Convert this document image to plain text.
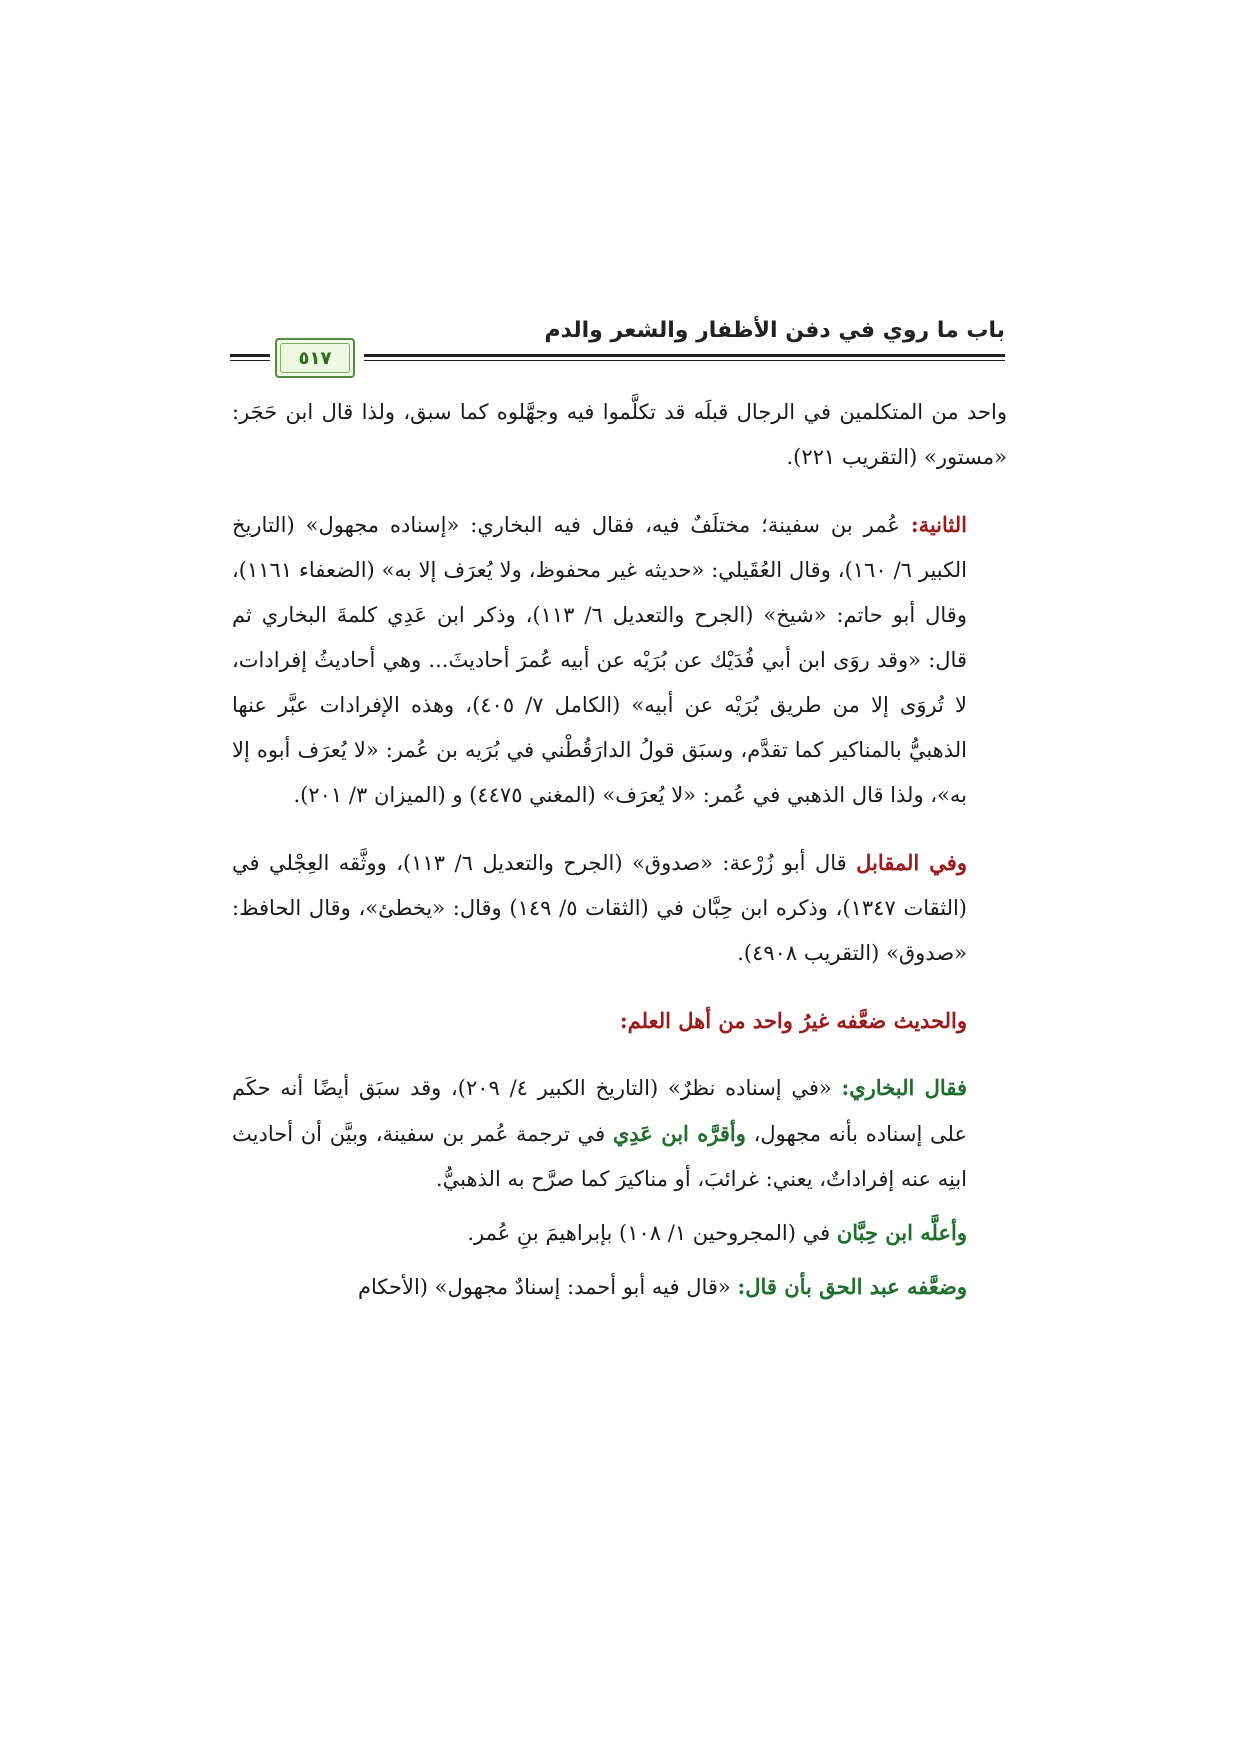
باب ما روي في دفن الأظفار والشعر والدم
٥١٧

واحد من المتكلمين في الرجال قبلَه قد تكلَّموا فيه وجهَّلوه كما سبق، ولذا قال ابن حَجَر: «مستور» (التقريب ٢٢١).

الثانية: عُمر بن سفينة؛ مختلَفٌ فيه، فقال فيه البخاري: «إسناده مجهول» (التاريخ الكبير ٦/ ١٦٠)، وقال العُقَيلي: «حديثه غير محفوظ، ولا يُعرَف إلا به» (الضعفاء ١١٦١)، وقال أبو حاتم: «شيخ» (الجرح والتعديل ٦/ ١١٣)، وذكر ابن عَدِي كلمةَ البخاري ثم قال: «وقد روَى ابن أبي فُدَيْك عن بُرَيْه عن أبيه عُمرَ أحاديثَ... وهي أحاديثُ إفرادات، لا تُروَى إلا من طريق بُرَيْه عن أبيه» (الكامل ٧/ ٤٠٥)، وهذه الإفرادات عبَّر عنها الذهبيُّ بالمناكير كما تقدَّم، وسبَق قولُ الدارَقُطْني في بُرَيه بن عُمر: «لا يُعرَف أبوه إلا به»، ولذا قال الذهبي في عُمر: «لا يُعرَف» (المغني ٤٤٧٥) و (الميزان ٣/ ٢٠١).

وفي المقابل قال أبو زُرْعة: «صدوق» (الجرح والتعديل ٦/ ١١٣)، ووثَّقه العِجْلي في (الثقات ١٣٤٧)، وذكره ابن حِبَّان في (الثقات ٥/ ١٤٩) وقال: «يخطئ»، وقال الحافظ: «صدوق» (التقريب ٤٩٠٨).

والحديث ضعَّفه غيرُ واحد من أهل العلم:

فقال البخاري: «في إسناده نظرٌ» (التاريخ الكبير ٤/ ٢٠٩)، وقد سبَق أيضًا أنه حكَم على إسناده بأنه مجهول، وأقرَّه ابن عَدِي في ترجمة عُمر بن سفينة، وبيَّن أن أحاديث ابنِه عنه إفراداتٌ، يعني: غرائبَ، أو مناكيرَ كما صرَّح به الذهبيُّ.

وأعلَّه ابن حِبَّان في (المجروحين ١/ ١٠٨) بإبراهيمَ بنِ عُمر.

وضعَّفه عبد الحق بأن قال: «قال فيه أبو أحمد: إسنادٌ مجهول» (الأحكام
